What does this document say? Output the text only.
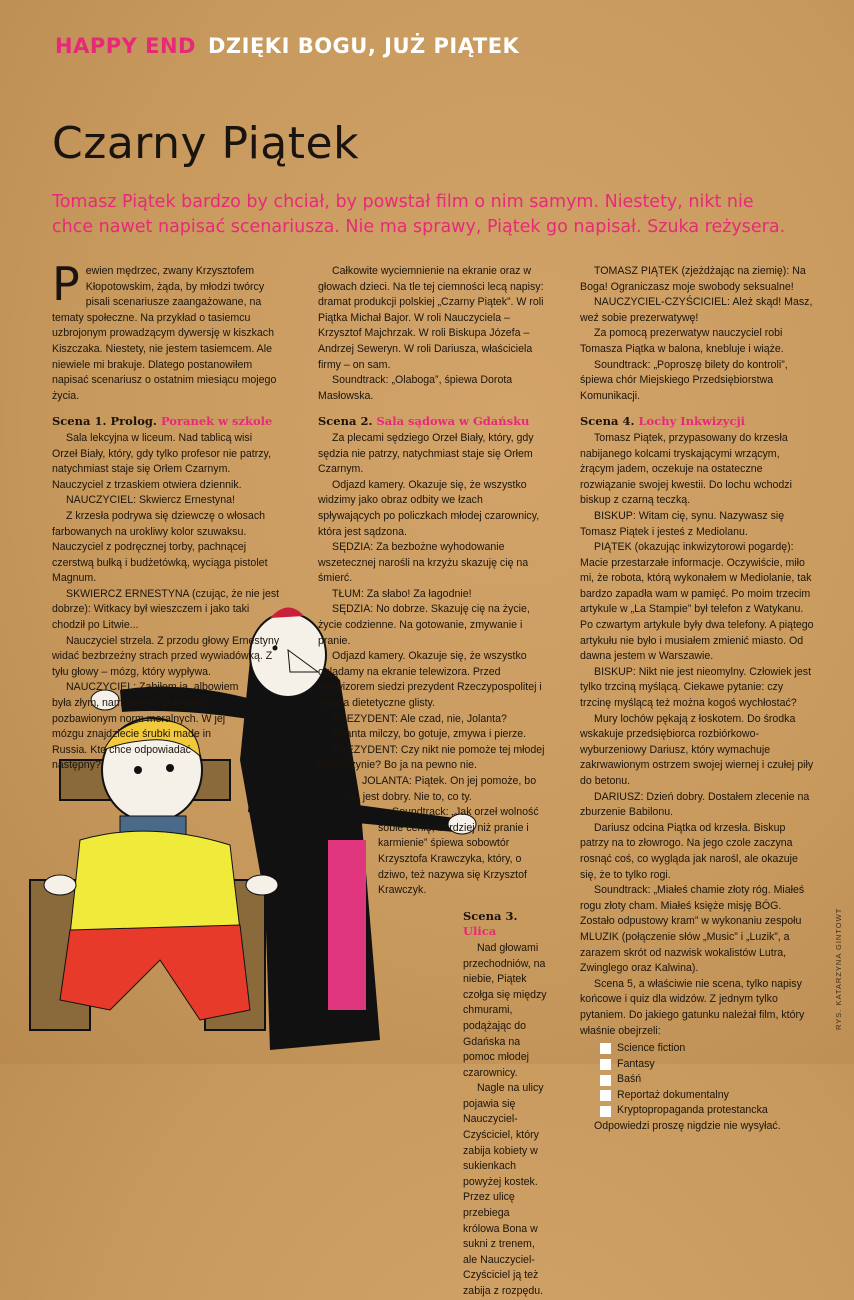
HAPPY END DZIĘKI BOGU, JUŻ PIĄTEK
Czarny Piątek

Tomasz Piątek bardzo by chciał, by powstał film o nim samym. Niestety, nikt nie chce nawet napisać scenariusza. Nie ma sprawy, Piątek go napisał. Szuka reżysera.

Pewien mędrzec, zwany Krzysztofem Kłopotowskim, żąda, by młodzi twórcy pisali scenariusze zaangażowane, na tematy społeczne. Na przykład o tasiemcu uzbrojonym prowadzącym dywersję w kiszkach Kiszczaka. Niestety, nie jestem tasiemcem. Ale niewiele mi brakuje. Dlatego postanowiłem napisać scenariusz o ostatnim miesiącu mojego życia.

Scena 1. Prolog. Poranek w szkole

Sala lekcyjna w liceum. Nad tablicą wisi Orzeł Biały, który, gdy tylko profesor nie patrzy, natychmiast staje się Orłem Czarnym. Nauczyciel z trzaskiem otwiera dziennik.

NAUCZYCIEL: Skwiercz Ernestyna!

Z krzesła podrywa się dziewczę o włosach farbowanych na urokliwy kolor szuwaksu. Nauczyciel z podręcznej torby, pachnącej czerstwą bułką i budżetówką, wyciąga pistolet Magnum.

SKWIERCZ ERNESTYNA (czując, że nie jest dobrze): Witkacy był wieszczem i jako taki chodził po Litwie...

Nauczyciel strzela. Z przodu głowy Ernestyny widać bezbrzeżny strach przed wywiadówką. Z tyłu głowy – mózg, który wypływa.

NAUCZYCIEL: Zabiłem ją, albowiem była złym, namiętnym cyborgiem, pozbawionym norm moralnych. W jej mózgu znajdziecie śrubki made in Russia. Kto chce odpowiadać następny?

Całkowite wyciemnienie na ekranie oraz w głowach dzieci. Na tle tej ciemności lecą napisy: dramat produkcji polskiej „Czarny Piątek”. W roli Piątka Michał Bajor. W roli Nauczyciela – Krzysztof Majchrzak. W roli Biskupa Józefa – Andrzej Seweryn. W roli Dariusza, właściciela firmy – on sam.

Soundtrack: „Olaboga”, śpiewa Dorota Masłowska.

Scena 2. Sala sądowa w Gdańsku

Za plecami sędziego Orzeł Biały, który, gdy sędzia nie patrzy, natychmiast staje się Orłem Czarnym.

Odjazd kamery. Okazuje się, że wszystko widzimy jako obraz odbity we łzach spływających po policzkach młodej czarownicy, która jest sądzona.

SĘDZIA: Za bezbożne wyhodowanie wszetecznej narośli na krzyżu skazuję cię na śmierć.

TŁUM: Za słabo! Za łagodnie!

SĘDZIA: No dobrze. Skazuję cię na życie, życie codzienne. Na gotowanie, zmywanie i pranie.

Odjazd kamery. Okazuje się, że wszystko oglądamy na ekranie telewizora. Przed telewizorem siedzi prezydent Rzeczypospolitej i zajada dietetyczne glisty.

PREZYDENT: Ale czad, nie, Jolanta?

Jolanta milczy, bo gotuje, zmywa i pierze.

PREZYDENT: Czy nikt nie pomoże tej młodej dziewczynie? Bo ja na pewno nie.

JOLANTA: Piątek. On jej pomoże, bo on jest dobry. Nie to, co ty.

Soundtrack: „Jak orzeł wolność sobie cenię, bardziej niż pranie i karmienie” śpiewa sobowtór Krzysztofa Krawczyka, który, o dziwo, też nazywa się Krzysztof Krawczyk.

Scena 3. Ulica

Nad głowami przechodniów, na niebie, Piątek czołga się między chmurami, podążając do Gdańska na pomoc młodej czarownicy.

Nagle na ulicy pojawia się Nauczyciel-Czyściciel, który zabija kobiety w sukienkach powyżej kostek. Przez ulicę przebiega królowa Bona w sukni z trenem, ale Nauczyciel-Czyściciel ją też zabija z rozpędu.

TOMASZ PIĄTEK (zjeżdżając na ziemię): Na Boga! Ograniczasz moje swobody seksualne!

NAUCZYCIEL-CZYŚCICIEL: Ależ skąd! Masz, weź sobie prezerwatywę!

Za pomocą prezerwatyw nauczyciel robi Tomasza Piątka w balona, knebluje i wiąże.

Soundtrack: „Poproszę bilety do kontroli”, śpiewa chór Miejskiego Przedsiębiorstwa Komunikacji.

Scena 4. Lochy Inkwizycji

Tomasz Piątek, przypasowany do krzesła nabijanego kolcami tryskającymi wrzącym, żrącym jadem, oczekuje na ostateczne rozwiązanie swojej kwestii. Do lochu wchodzi biskup z czarną teczką.

BISKUP: Witam cię, synu. Nazywasz się Tomasz Piątek i jesteś z Mediolanu.

PIĄTEK (okazując inkwizytorowi pogardę): Macie przestarzałe informacje. Oczywiście, miło mi, że robota, którą wykonałem w Mediolanie, tak bardzo zapadła wam w pamięć. Po moim trzecim artykule w „La Stampie” był telefon z Watykanu. Po czwartym artykule były dwa telefony. A piątego artykułu nie było i musiałem zmienić miasto. Od dawna jestem w Warszawie.

BISKUP: Nikt nie jest nieomylny. Człowiek jest tylko trzciną myślącą. Ciekawe pytanie: czy trzcinę myślącą też można kogoś wychłostać?

Mury lochów pękają z łoskotem. Do środka wskakuje przedsiębiorca rozbiórkowo-wyburzeniowy Dariusz, który wymachuje zakrwawionym ostrzem swojej wiernej i czułej piły do betonu.

DARIUSZ: Dzień dobry. Dostałem zlecenie na zburzenie Babilonu.

Dariusz odcina Piątka od krzesła. Biskup patrzy na to złowrogo. Na jego czole zaczyna rosnąć coś, co wygląda jak narośl, ale okazuje się, że to tylko rogi.

Soundtrack: „Miałeś chamie złoty róg. Miałeś rogu złoty cham. Miałeś księże misję BÓG. Zostało odpustowy kram” w wykonaniu zespołu MLUZIK (połączenie słów „Music” i „Luzik”, a zarazem skrót od nazwisk wokalistów Lutra, Zwinglego oraz Kalwina).

Scena 5, a właściwie nie scena, tylko napisy końcowe i quiz dla widzów. Z jednym tylko pytaniem. Do jakiego gatunku należał film, który właśnie obejrzeli:

Science fiction
Fantasy
Baśń
Reportaż dokumentalny
Kryptopropaganda protestancka

Odpowiedzi proszę nigdzie nie wysyłać.

RYS. KATARZYNA GINTOWT
